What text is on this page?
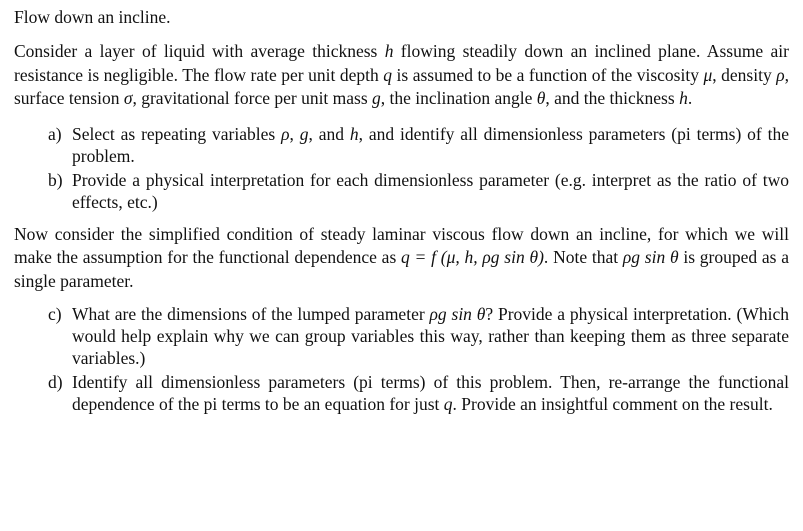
Flow down an incline.

Consider a layer of liquid with average thickness h flowing steadily down an inclined plane. Assume air resistance is negligible. The flow rate per unit depth q is assumed to be a function of the viscosity μ, density ρ, surface tension σ, gravitational force per unit mass g, the inclination angle θ, and the thickness h.

a) Select as repeating variables ρ, g, and h, and identify all dimensionless parameters (pi terms) of the problem.
b) Provide a physical interpretation for each dimensionless parameter (e.g. interpret as the ratio of two effects, etc.)

Now consider the simplified condition of steady laminar viscous flow down an incline, for which we will make the assumption for the functional dependence as q = f (μ, h, ρg sin θ). Note that ρg sin θ is grouped as a single parameter.

c) What are the dimensions of the lumped parameter ρg sin θ? Provide a physical interpretation. (Which would help explain why we can group variables this way, rather than keeping them as three separate variables.)
d) Identify all dimensionless parameters (pi terms) of this problem. Then, re-arrange the functional dependence of the pi terms to be an equation for just q. Provide an insightful comment on the result.
